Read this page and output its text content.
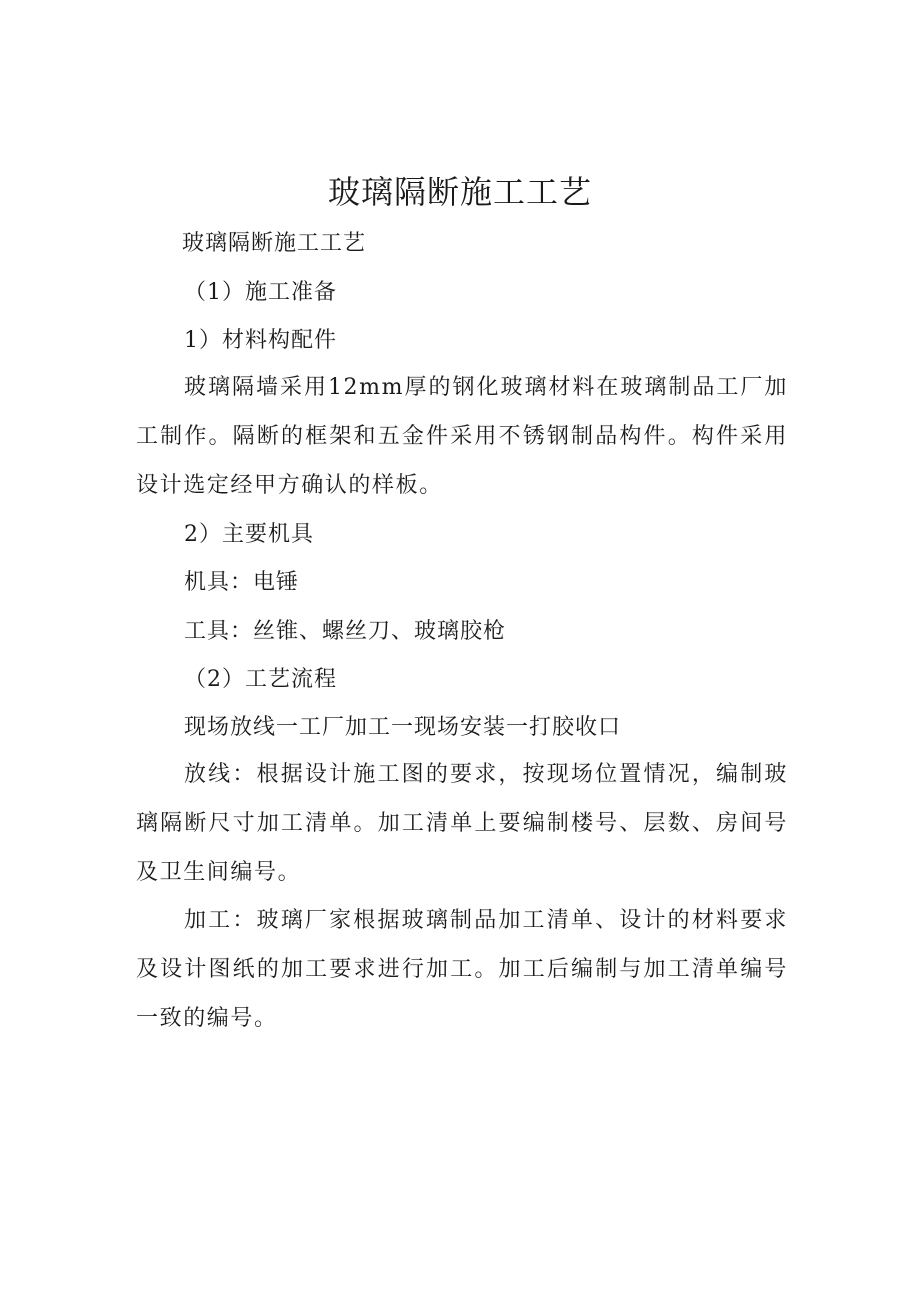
玻璃隔断施工工艺

玻璃隔断施工工艺

（1）施工准备

1）材料构配件

玻璃隔墙采用12mm厚的钢化玻璃材料在玻璃制品工厂加工制作。隔断的框架和五金件采用不锈钢制品构件。构件采用设计选定经甲方确认的样板。

2）主要机具

机具：电锤

工具：丝锥、螺丝刀、玻璃胶枪

（2）工艺流程

现场放线一工厂加工一现场安装一打胶收口

放线：根据设计施工图的要求，按现场位置情况，编制玻璃隔断尺寸加工清单。加工清单上要编制楼号、层数、房间号及卫生间编号。

加工：玻璃厂家根据玻璃制品加工清单、设计的材料要求及设计图纸的加工要求进行加工。加工后编制与加工清单编号一致的编号。
